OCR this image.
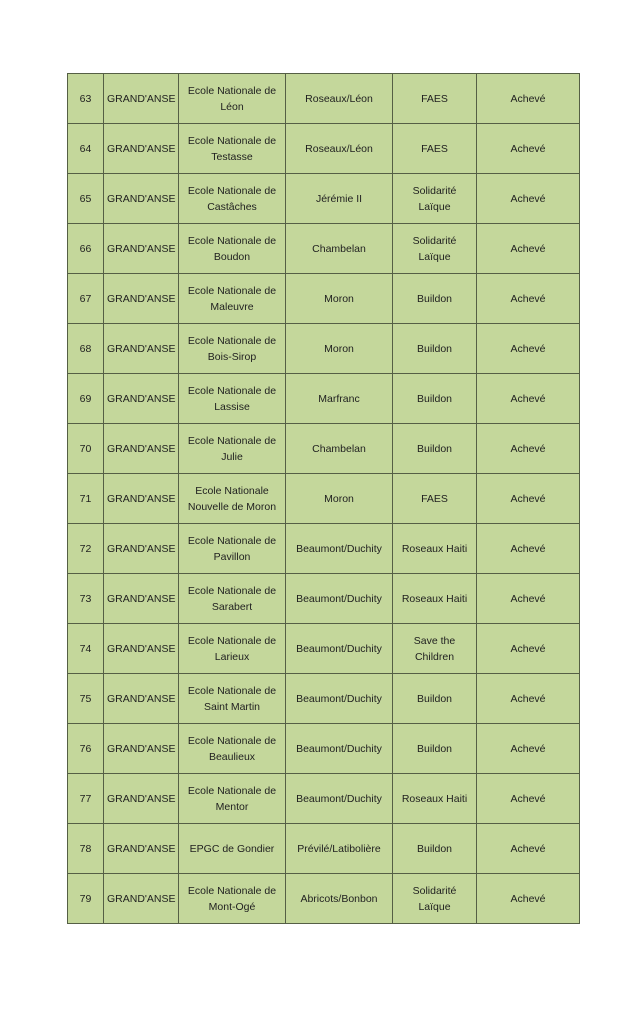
63	GRAND'ANSE	Ecole Nationale de Léon	Roseaux/Léon	FAES	Achevé
64	GRAND'ANSE	Ecole Nationale de Testasse	Roseaux/Léon	FAES	Achevé
65	GRAND'ANSE	Ecole Nationale de Castâches	Jérémie II	Solidarité Laïque	Achevé
66	GRAND'ANSE	Ecole Nationale de Boudon	Chambelan	Solidarité Laïque	Achevé
67	GRAND'ANSE	Ecole Nationale de Maleuvre	Moron	Buildon	Achevé
68	GRAND'ANSE	Ecole Nationale de Bois-Sirop	Moron	Buildon	Achevé
69	GRAND'ANSE	Ecole Nationale de Lassise	Marfranc	Buildon	Achevé
70	GRAND'ANSE	Ecole Nationale de Julie	Chambelan	Buildon	Achevé
71	GRAND'ANSE	Ecole Nationale Nouvelle de Moron	Moron	FAES	Achevé
72	GRAND'ANSE	Ecole Nationale de Pavillon	Beaumont/Duchity	Roseaux Haiti	Achevé
73	GRAND'ANSE	Ecole Nationale de Sarabert	Beaumont/Duchity	Roseaux Haiti	Achevé
74	GRAND'ANSE	Ecole Nationale de Larieux	Beaumont/Duchity	Save the Children	Achevé
75	GRAND'ANSE	Ecole Nationale de Saint Martin	Beaumont/Duchity	Buildon	Achevé
76	GRAND'ANSE	Ecole Nationale de Beaulieux	Beaumont/Duchity	Buildon	Achevé
77	GRAND'ANSE	Ecole Nationale de Mentor	Beaumont/Duchity	Roseaux Haiti	Achevé
78	GRAND'ANSE	EPGC de Gondier	Prévilé/Latibolière	Buildon	Achevé
79	GRAND'ANSE	Ecole Nationale de Mont-Ogé	Abricots/Bonbon	Solidarité Laïque	Achevé
